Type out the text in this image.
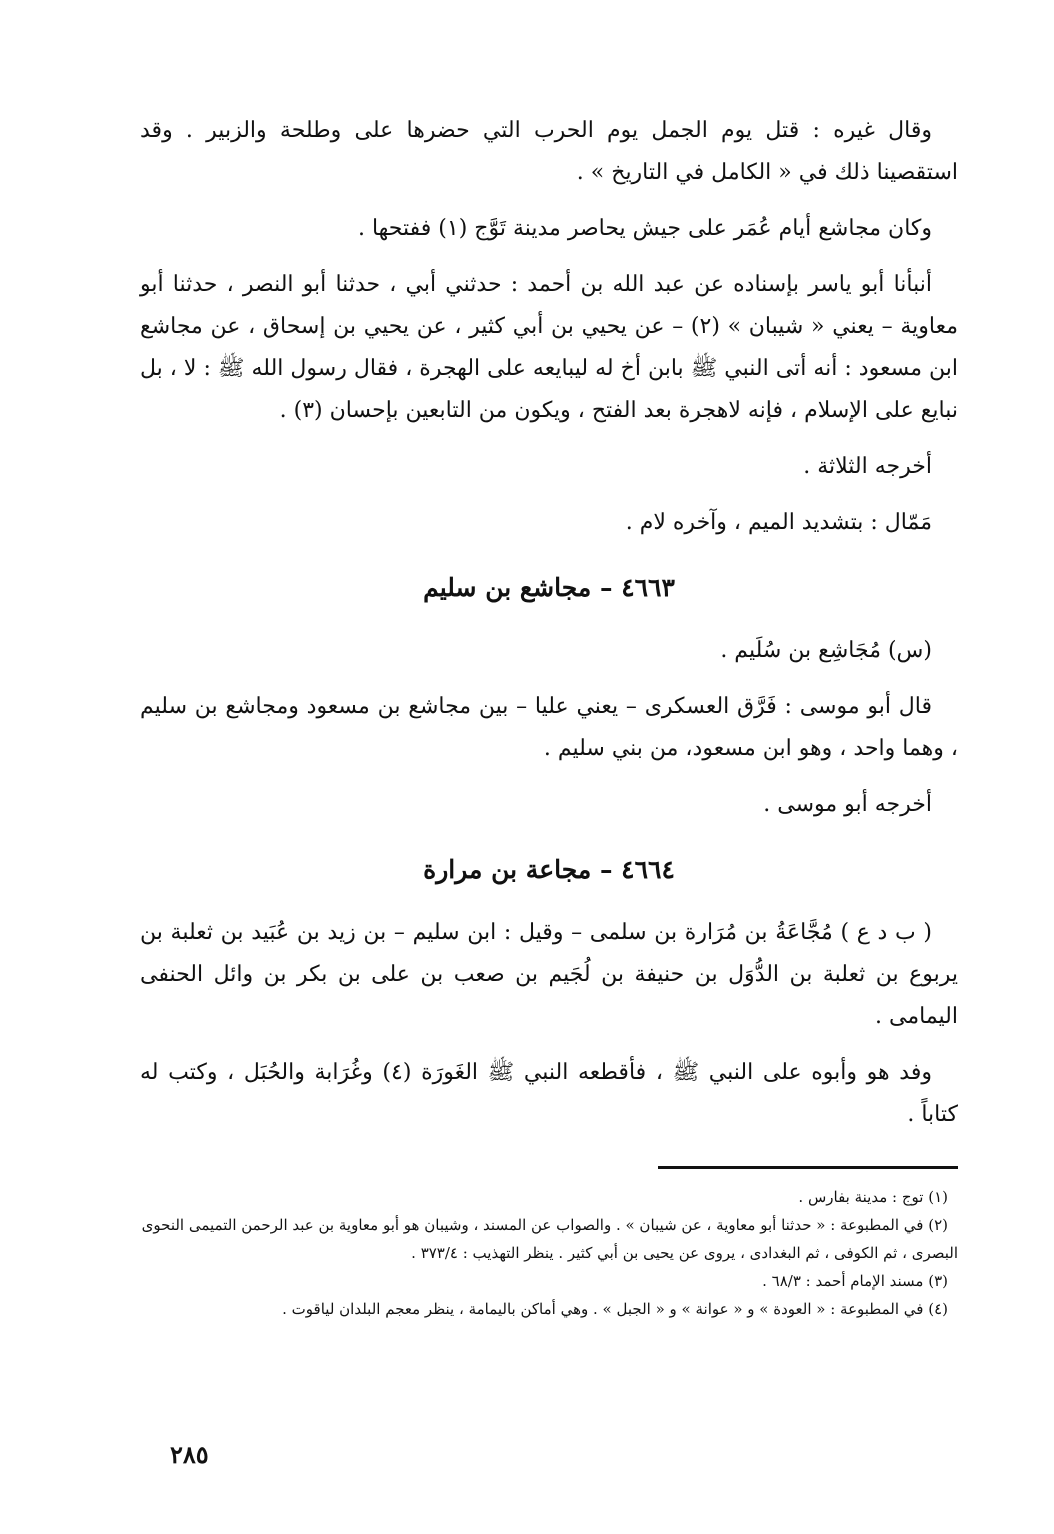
وقال غيره : قتل يوم الجمل يوم الحرب التي حضرها على وطلحة والزبير . وقد استقصينا ذلك في « الكامل في التاريخ » .

وكان مجاشع أيام عُمَر على جيش يحاصر مدينة تَوَّج (١) ففتحها .

أنبأنا أبو ياسر بإسناده عن عبد الله بن أحمد : حدثني أبي ، حدثنا أبو النصر ، حدثنا أبو معاوية – يعني « شيبان » (٢) – عن يحيي بن أبي كثير ، عن يحيي بن إسحاق ، عن مجاشع ابن مسعود : أنه أتى النبي ﷺ بابن أخ له ليبايعه على الهجرة ، فقال رسول الله ﷺ : لا ، بل نبايع على الإسلام ، فإنه لاهجرة بعد الفتح ، ويكون من التابعين بإحسان (٣) .

أخرجه الثلاثة .

مَمّال : بتشديد الميم ، وآخره لام .

٤٦٦٣ – مجاشع بن سليم

(س) مُجَاشِع بن سُلَيم .

قال أبو موسى : فَرَّق العسكرى – يعني عليا – بين مجاشع بن مسعود ومجاشع بن سليم ، وهما واحد ، وهو ابن مسعود، من بني سليم .

أخرجه أبو موسى .

٤٦٦٤ – مجاعة بن مرارة

( ب د ع ) مُجَّاعَةُ بن مُرَارة بن سلمى – وقيل : ابن سليم – بن زيد بن عُبَيد بن ثعلبة بن يربوع بن ثعلبة بن الدُّوَل بن حنيفة بن لُجَيم بن صعب بن على بن بكر بن وائل الحنفى اليمامى .

وفد هو وأبوه على النبي ﷺ ، فأقطعه النبي ﷺ الغَورَة (٤) وغُرَابة والحُبَل ، وكتب له كتاباً .

(١) توج : مدينة بفارس .

(٢) في المطبوعة : « حدثنا أبو معاوية ، عن شيبان » . والصواب عن المسند ، وشيبان هو أبو معاوية بن عبد الرحمن التميمى النحوى البصرى ، ثم الكوفى ، ثم البغدادى ، يروى عن يحيى بن أبي كثير . ينظر التهذيب : ٣٧٣/٤ .

(٣) مسند الإمام أحمد : ٦٨/٣ .

(٤) في المطبوعة : « العودة » و « عوانة » و « الجبل » . وهي أماكن باليمامة ، ينظر معجم البلدان لياقوت .

٢٨٥
